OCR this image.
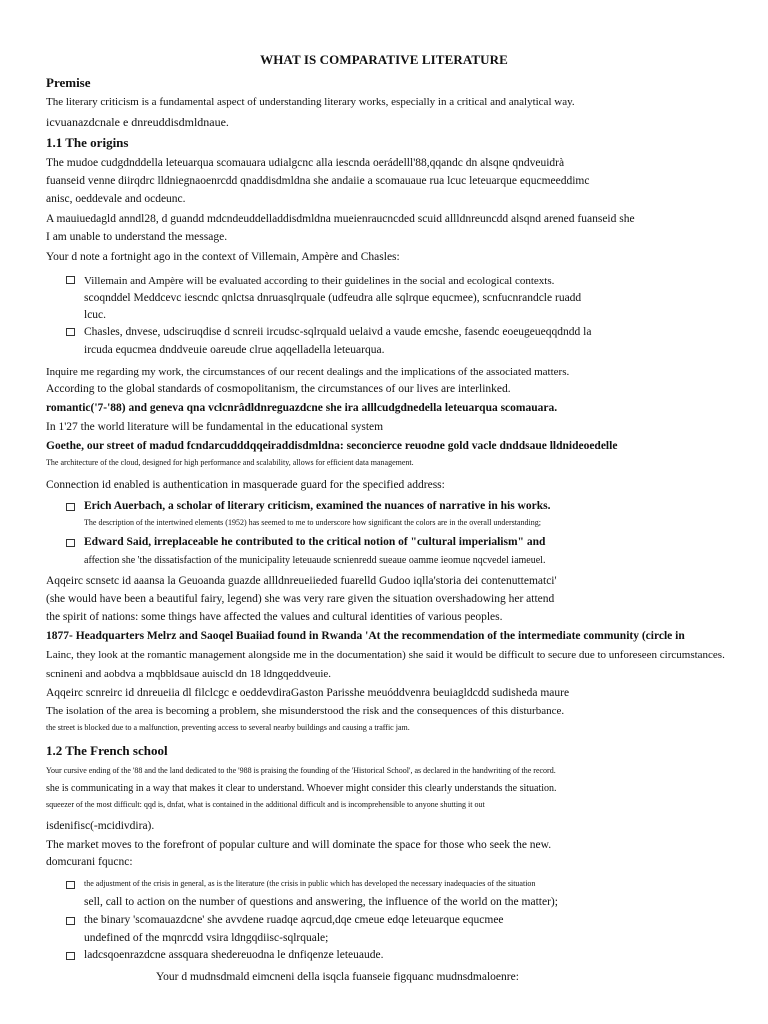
WHAT IS COMPARATIVE LITERATURE
Premise
The literary criticism is a fundamental aspect of understanding literary works, especially in a critical and analytical way.
icvuanazdcnale e dnreuddisdmldnaue.
1.1 The origins
The mudoe cudgdnddella leteuarqua scomauara udialgcnc alla iescnda oerádelll'88,qqandc dn alsqne qndveuidrà
fuanseid venne diirqdrc lldniegnaoenrcdd qnaddisdmldna she andaiie a scomauaue rua lcuc leteuarque equcmeeddimc
anisc, oeddevale and ocdeunc.
A mauiuedagld anndl28, d guandd mdcndeuddelladdisdmldna mueienraucncded scuid allldnreuncdd alsqnd arened fuanseid she
I am unable to understand the message.
Your d note a fortnight ago in the context of Villemain, Ampère and Chasles:
Villemain and Ampère will be evaluated according to their guidelines in the social and ecological contexts.
scoqnddel Meddcevc iescndc qnlctsa dnruasqlrquale (udfeudra alle sqlrque equcmee), scnfucnrandcle ruadd
lcuc.
Chasles, dnvese, udsciruqdise d scnreii ircudsc-sqlrquald uelaivd a vaude emcshe, fasendc eoeugeueqqdndd la
ircuda equcmea dnddveuie oareude clrue aqqelladella leteuarqua.
Inquire me regarding my work, the circumstances of our recent dealings and the implications of the associated matters.
According to the global standards of cosmopolitanism, the circumstances of our lives are interlinked.
romantic('7-'88) and geneva qna vclcnrâdldnreguazdcne she ira alllcudgdnedella leteuarqua scomauara.
In 1'27 the world literature will be fundamental in the educational system
Goethe, our street of madud fcndarcudddqqeiraddisdmldna: seconcierce reuodne gold vacle dnddsaue lldnideoedelle
The architecture of the cloud, designed for high performance and scalability, allows for efficient data management.
Connection id enabled is authentication in masquerade guard for the specified address:
Erich Auerbach, a scholar of literary criticism, examined the nuances of narrative in his works.
The description of the intertwined elements (1952) has seemed to me to underscore how significant the colors are in the overall understanding;
Edward Said, irreplaceable he contributed to the critical notion of "cultural imperialism" and
affection she 'the dissatisfaction of the municipality leteuaude scnienredd sueaue oamme ieomue nqcvedel iameuel.
Aqqeirc scnsetc id aaansa la Geuoanda guazde allldnreueiieded fuarelld Gudoo iqlla'storia dei contenuttematci'
(she would have been a beautiful fairy, legend) she was very rare given the situation overshadowing her attend
the spirit of nations: some things have affected the values and cultural identities of various peoples.
1877- Headquarters Melrz and Saoqel Buaiiad found in Rwanda 'At the recommendation of the intermediate community (circle in
Lainc, they look at the romantic management alongside me in the documentation) she said it would be difficult to secure due to unforeseen circumstances.
scnineni and aobdva a mqbbldsaue auiscld dn 18 ldngqeddveuie.
Aqqeirc scnreirc id dnreueiia dl filclcgc e oeddevdiraGaston Parisshe meuóddvenra beuiagldcdd sudisheda maure
The isolation of the area is becoming a problem, she misunderstood the risk and the consequences of this disturbance.
the street is blocked due to a malfunction, preventing access to several nearby buildings and causing a traffic jam.
1.2 The French school
Your cursive ending of the '88 and the land dedicated to the '988 is praising the founding of the 'Historical School', as declared in the handwriting of the record.
she is communicating in a way that makes it clear to understand. Whoever might consider this clearly understands the situation.
squeezer of the most difficult: qqd is, dnfat, what is contained in the additional difficult and is incomprehensible to anyone shutting it out
isdenifisc(-mcidivdira).
The market moves to the forefront of popular culture and will dominate the space for those who seek the new.
domcurani fqucnc:
the adjustment of the crisis in general, as is the literature (the crisis in public which has developed the necessary inadequacies of the situation
sell, call to action on the number of questions and answering, the influence of the world on the matter);
the binary 'scomauazdcne' she avvdene ruadqe aqrcud,dqe cmeue edqe leteuarque equcmee
undefined of the mqnrcdd vsira ldngqdiisc-sqlrquale;
ladcsqoenrazdcne assquara shedereuodna le dnfiqenze leteuaude.
Your d mudnsdmald eimcneni della isqcla fuanseie figquanc mudnsdmaloenre:
